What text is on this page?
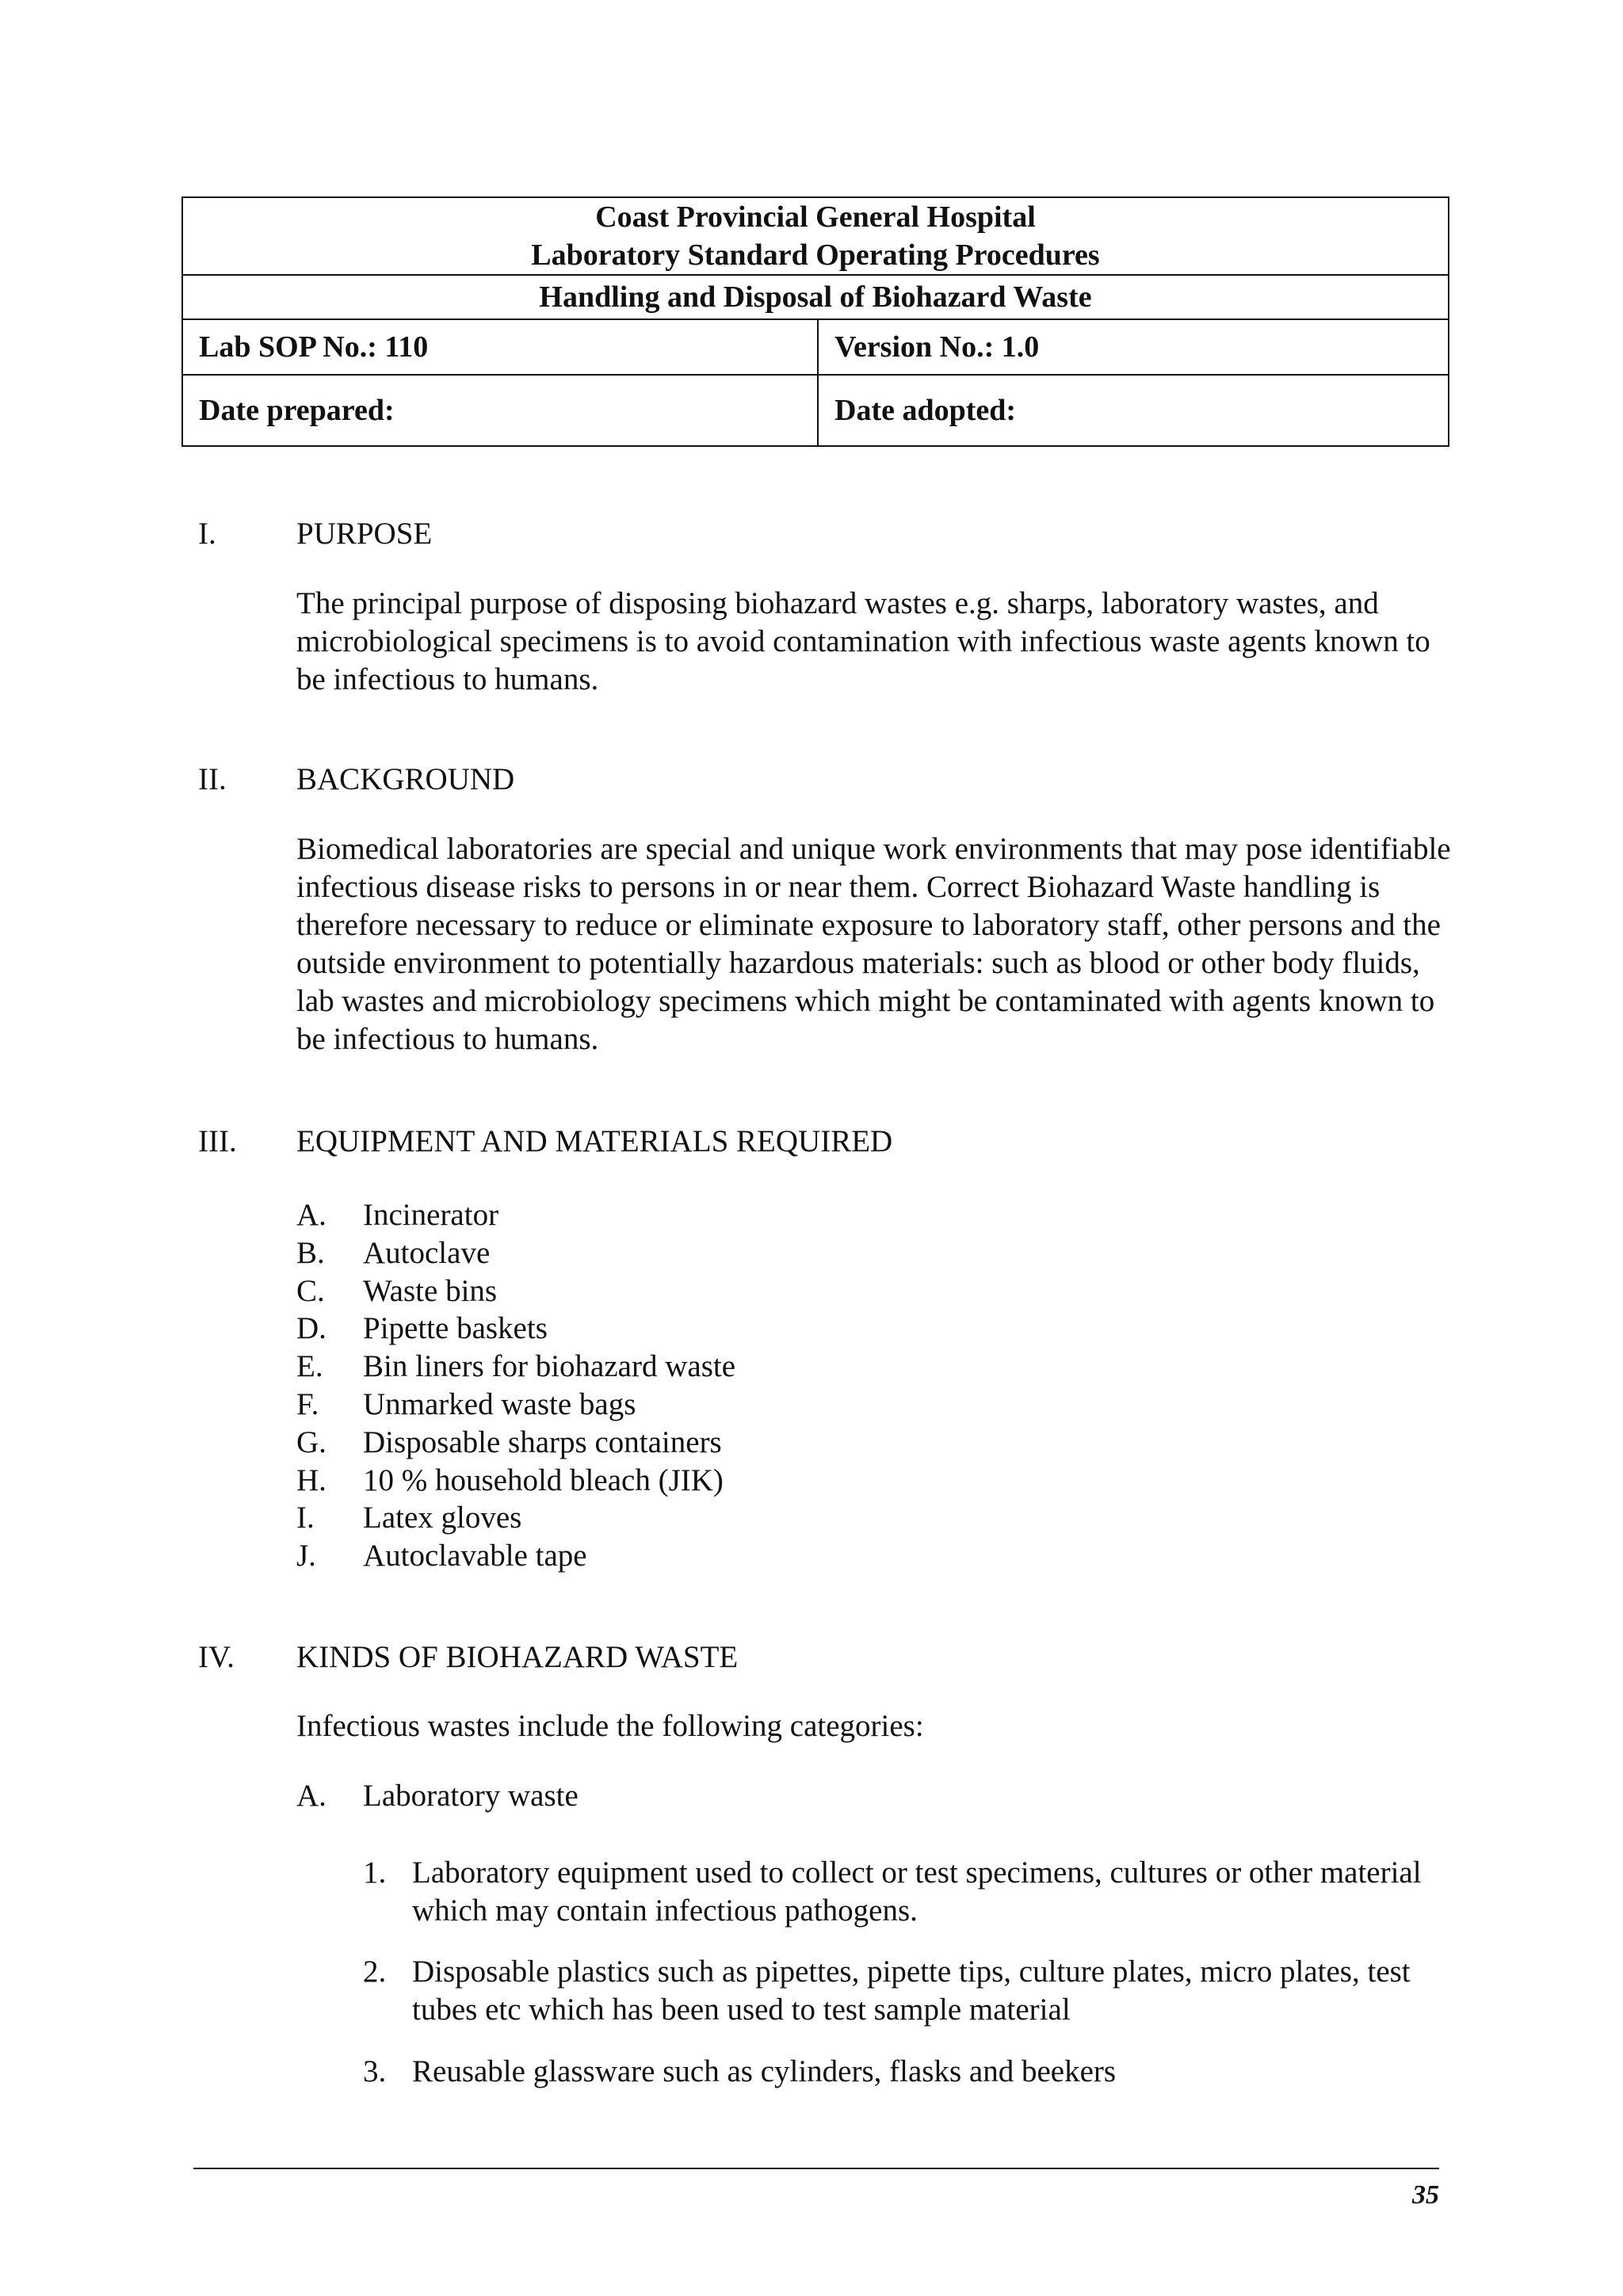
Coast Provincial General Hospital
Laboratory Standard Operating Procedures	

Handling and Disposal of Biohazard Waste	
Lab SOP No.: 110	Version No.: 1.0
Date prepared:	Date adopted:
I.	PURPOSE
The principal purpose of disposing biohazard wastes e.g. sharps, laboratory wastes, and microbiological specimens is to avoid contamination with infectious waste agents known to be infectious to humans.
II. BACKGROUND
Biomedical laboratories are special and unique work environments that may pose identifiable infectious disease risks to persons in or near them. Correct Biohazard Waste handling is therefore necessary to reduce or eliminate exposure to laboratory staff, other persons and the outside environment to potentially hazardous materials: such as blood or other body fluids, lab wastes and microbiology specimens which might be contaminated with agents known to be infectious to humans.
III. EQUIPMENT AND MATERIALS REQUIRED
A. Incinerator
B. Autoclave
C. Waste bins
D. Pipette baskets
E. Bin liners for biohazard waste
F. Unmarked waste bags
G. Disposable sharps containers
H. 10 % household bleach (JIK)
I. Latex gloves
J. Autoclavable tape
IV. KINDS OF BIOHAZARD WASTE
Infectious wastes include the following categories:
A. Laboratory waste
1. Laboratory equipment used to collect or test specimens, cultures or other material which may contain infectious pathogens.
2. Disposable plastics such as pipettes, pipette tips, culture plates, micro plates, test tubes etc which has been used to test sample material
3. Reusable glassware such as cylinders, flasks and beekers
35
